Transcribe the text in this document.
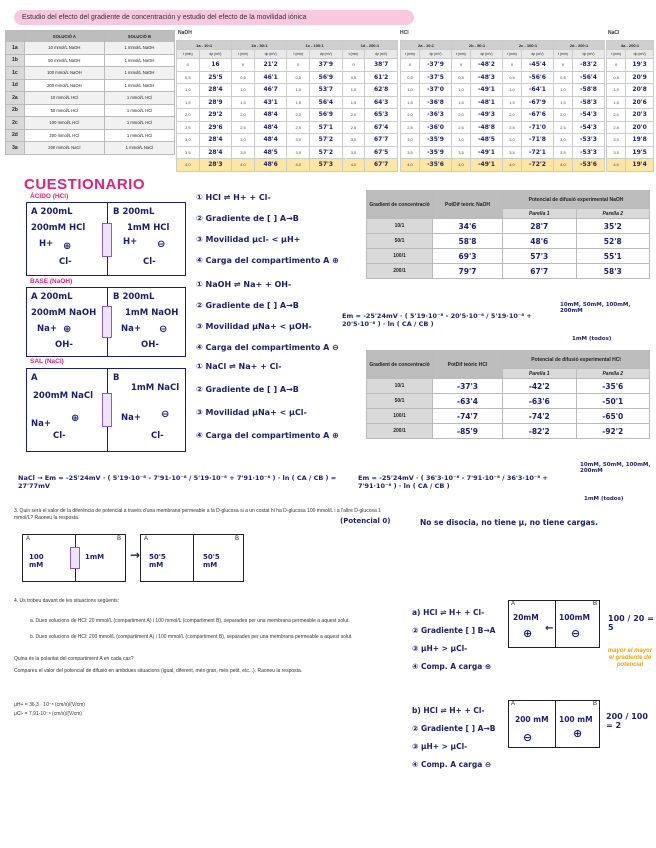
Estudio del efecto del gradiente de concentración y estudio del efecto de la movilidad iónica
	SOLUCIÓ A	SOLUCIÓ B
1a	10 mmol/L NaOH	1 mmol/L NaOH
1b	50 mmol/L NaOH	1 mmol/L NaOH
1c	100 mmol/L NaOH	1 mmol/L NaOH
1d	200 mmol/L NaOH	1 mmol/L NaOH
2a	10 mmol/L HCl	1 mmol/L HCl
2b	50 mmol/L HCl	1 mmol/L HCl
2c	100 mmol/L HCl	1 mmol/L HCl
2d	200 mmol/L HCl	1 mmol/L HCl
3a	200 mmol/L NaCl	1 mmol/L NaCl
NaOH	HCl	NaCl
1a - 10:1		1b - 50:1		1c - 100:1		1d - 200:1	
t (min)	dp (mV)	t (min)	dp (mV)	t (min)	dp (mV)	t (min)	dp (mV)
0	16	0	21'2	0	37'9	0	38'7
0,5	25'5	0,5	46'1	0,5	56'9	0,5	61'2
1,0	28'4	1,0	46'7	1,0	53'7	1,0	62'8
1,5	28'9	1,5	43'1	1,5	56'4	1,5	64'3
2,0	29'2	2,0	48'4	2,0	56'9	2,0	65'3
2,5	29'6	2,5	48'4	2,5	57'1	2,5	67'4
3,0	28'4	3,0	48'4	3,0	57'2	3,0	67'7
3,5	28'4	3,5	48'5	3,5	57'2	3,5	67'5
4,0	28'3	4,0	48'6	4,0	57'3	4,0	67'7
2a - 10:1		2b - 50:1		2c - 100:1		2d - 200:1	
t (min)	dp (mV)	t (min)	dp (mV)	t (min)	dp (mV)	t (min)	dp (mV)
0	-37'9	0	-48'2	0	-45'4	0	-83'2
0,5	-37'5	0,5	-48'3	0,5	-56'6	0,5	-56'4
1,0	-37'0	1,0	-49'1	1,0	-64'1	1,0	-58'8
1,5	-36'8	1,5	-48'1	1,5	-67'9	1,5	-58'3
2,0	-36'3	2,0	-49'3	2,0	-67'6	2,0	-54'3
2,5	-36'0	2,5	-48'8	2,5	-71'0	2,5	-54'3
3,0	-35'9	3,0	-48'5	3,0	-71'8	3,0	-53'3
3,5	-35'9	3,5	-49'1	3,5	-72'1	3,5	-53'3
4,0	-35'6	4,0	-49'1	4,0	-72'2	4,0	-53'6
3a - 200:1	
t (min)	dp (mV)
0	19'3
0,5	20'9
1,0	20'8
1,5	20'6
2,0	20'3
2,5	20'0
3,0	19'8
3,5	19'5
4,0	19'4
CUESTIONARIO
ÁCIDO (HCl)
A 200mL
200mM HCl
H+ ⊕
Cl-
B 200mL
1mM HCl
H+ ⊖
Cl-
① HCl ⇌ H+ + Cl-
② Gradiente de [ ] A→B
③ Movilidad μcl- < μH+
④ Carga del compartimento A ⊕
BASE (NaOH)
A 200mL
200mM NaOH
Na+ ⊕
OH-
B 200mL
1mM NaOH
Na+ ⊖
OH-
① NaOH ⇌ Na+ + OH-
② Gradiente de [ ] A→B
③ Movilidad μNa+ < μOH-
④ Carga del compartimento A ⊖
SAL (NaCl)
A
200mM NaCl
Na+ ⊕
Cl-
B
1mM NaCl
Na+ ⊖
Cl-
① NaCl ⇌ Na+ + Cl-
② Gradiente de [ ] A→B
③ Movilidad μNa+ < μCl-
④ Carga del compartimento A ⊕
Em = -25'24mV · ( 5'19·10⁻⁸ - 20'5·10⁻⁸ / 5'19·10⁻⁸ + 20'5·10⁻⁸ ) · ln ( CA / CB )
10mM, 50mM, 100mM, 200mM
1mM (todos)
Gradient de concentració	PotDif teòric NaOH	Potencial de difusió experimental NaOH	
		Parella 1	Parella 2
10/1	34'6	28'7	35'2
50/1	58'8	48'6	52'8
100/1	69'3	57'3	55'1
200/1	79'7	67'7	58'3
Gradient de concentració	PotDif teòric HCl	Potencial de difusió experimental HCl	
		Parella 1	Parella 2
10/1	-37'3	-42'2	-35'6
50/1	-63'4	-63'6	-50'1
100/1	-74'7	-74'2	-65'0
200/1	-85'9	-82'2	-92'2
NaCl → Em = -25'24mV · ( 5'19·10⁻⁸ - 7'91·10⁻⁸ / 5'19·10⁻⁸ + 7'91·10⁻⁸ ) · ln ( CA / CB ) = 27'77mV
Em = -25'24mV · ( 36'3·10⁻⁸ - 7'91·10⁻⁸ / 36'3·10⁻⁸ + 7'91·10⁻⁸ ) · ln ( CA / CB )
10mM, 50mM, 100mM, 200mM
1mM (todos)
3. Quin serà el valor de la diferència de potencial a través d'una membrana permeable a la D-glucosa si a un costat hi ha D-glucosa 100 mmol/L i a l'altre D-glucosa 1 mmol/L? Raoneu la resposta.	(Potencial 0)	No se disocia, no tiene μ, no tiene cargas.
A	B
100 mM
1mM →
A	B
50'5 mM
50'5 mM
4. Us trobeu davant de les situacions següents:
a. Dues solucions de HCl: 20 mmol/L (compartiment A) i 100 mmol/L (compartiment B), separades per una membrana permeable a aquest solut.
b. Dues solucions de HCl: 200 mmol/L (compartiment A) i 100 mmol/L (compartiment B), separades per una membrana permeable a aquest solut.
Quina és la polaritat del compartiment A en cada cas?
Compareu el valor del potencial de difusió en ambdues situacions (igual, diferent, més gran, més petit, etc...). Raoneu la resposta.
μH+ = 36,3 · 10⁻⁸ (cm/s)/(V/cm)
μCl- = 7,91·10⁻⁸ (cm/s)/(V/cm)
a) HCl ⇌ H+ + Cl-
② Gradiente [ ] B→A
③ μH+ > μCl-
④ Comp. A carga ⊕
b) HCl ⇌ H+ + Cl-
② Gradiente [ ] A→B
③ μH+ > μCl-
④ Comp. A carga ⊖
A	B
20mM	100mM
⊕	⊖
←
100 / 20 = 5
mayor el mayor el gradiente de potencial
A	B
200 mM 100 mM
⊖	⊕
200 / 100 = 2
